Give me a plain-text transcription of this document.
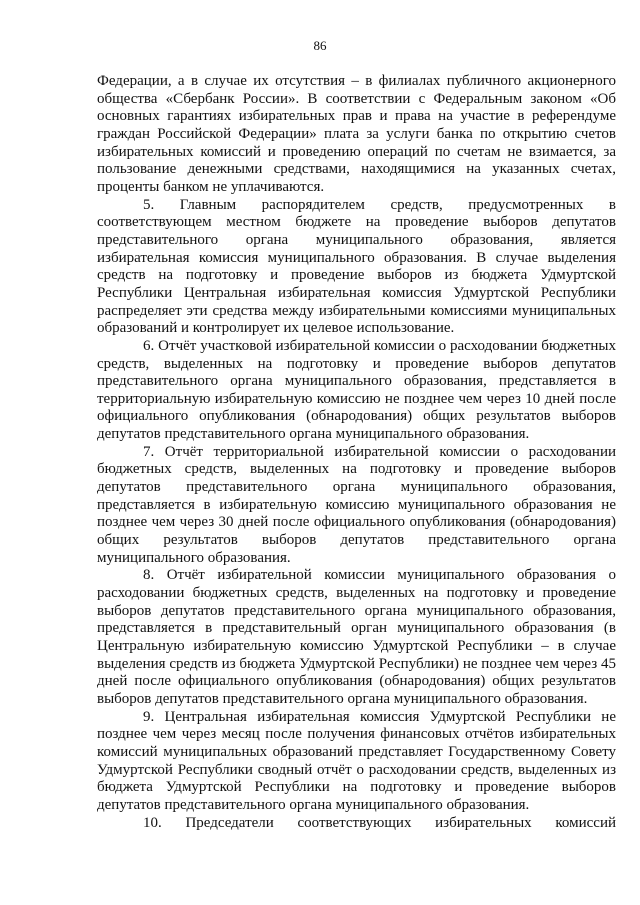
86

Федерации, а в случае их отсутствия – в филиалах публичного акционерного общества «Сбербанк России». В соответствии с Федеральным законом «Об основных гарантиях избирательных прав и права на участие в референдуме граждан Российской Федерации» плата за услуги банка по открытию счетов избирательных комиссий и проведению операций по счетам не взимается, за пользование денежными средствами, находящимися на указанных счетах, проценты банком не уплачиваются.

5. Главным распорядителем средств, предусмотренных в соответствующем местном бюджете на проведение выборов депутатов представительного органа муниципального образования, является избирательная комиссия муниципального образования. В случае выделения средств на подготовку и проведение выборов из бюджета Удмуртской Республики Центральная избирательная комиссия Удмуртской Республики распределяет эти средства между избирательными комиссиями муниципальных образований и контролирует их целевое использование.

6. Отчёт участковой избирательной комиссии о расходовании бюджетных средств, выделенных на подготовку и проведение выборов депутатов представительного органа муниципального образования, представляется в территориальную избирательную комиссию не позднее чем через 10 дней после официального опубликования (обнародования) общих результатов выборов депутатов представительного органа муниципального образования.

7. Отчёт территориальной избирательной комиссии о расходовании бюджетных средств, выделенных на подготовку и проведение выборов депутатов представительного органа муниципального образования, представляется в избирательную комиссию муниципального образования не позднее чем через 30 дней после официального опубликования (обнародования) общих результатов выборов депутатов представительного органа муниципального образования.

8. Отчёт избирательной комиссии муниципального образования о расходовании бюджетных средств, выделенных на подготовку и проведение выборов депутатов представительного органа муниципального образования, представляется в представительный орган муниципального образования (в Центральную избирательную комиссию Удмуртской Республики – в случае выделения средств из бюджета Удмуртской Республики) не позднее чем через 45 дней после официального опубликования (обнародования) общих результатов выборов депутатов представительного органа муниципального образования.

9. Центральная избирательная комиссия Удмуртской Республики не позднее чем через месяц после получения финансовых отчётов избирательных комиссий муниципальных образований представляет Государственному Совету Удмуртской Республики сводный отчёт о расходовании средств, выделенных из бюджета Удмуртской Республики на подготовку и проведение выборов депутатов представительного органа муниципального образования.

10. Председатели соответствующих избирательных комиссий
